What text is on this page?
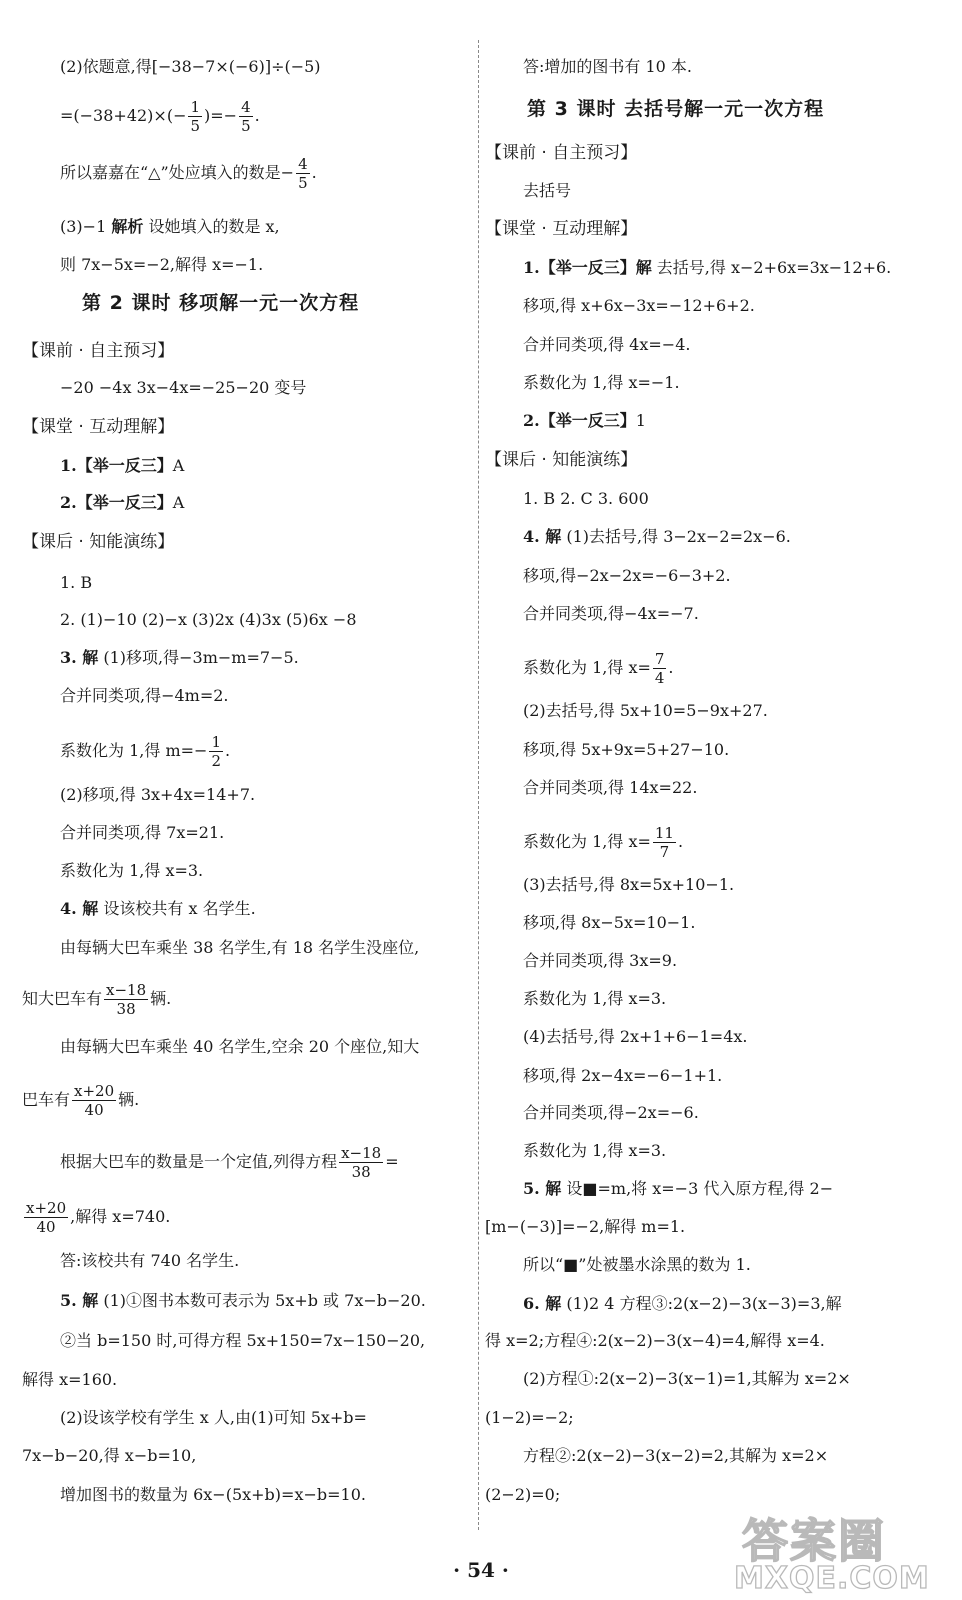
(2)依题意,得[−38−7×(−6)]÷(−5)
$=(-38+42)\times(- \frac{1}{5}$ )=− $\frac{4}{5}$ .
所以嘉嘉在“△”处应填入的数是− $\frac{4}{5}$ .
(3)−1 解析 设她填入的数是 x,
则 7x−5x=−2,解得 x=−1.
第 2 课时 移项解一元一次方程
【课前 · 自主预习】
−20 −4x 3x−4x=−25−20 变号
【课堂 · 互动理解】
1.【举一反三】A
2.【举一反三】A
【课后 · 知能演练】
1. B
2. (1)−10 (2)−x (3)2x (4)3x (5)6x −8
3. 解 (1)移项,得−3m−m=7−5.
合并同类项,得−4m=2.
系数化为 1,得 $m=- \frac{1}{2}$ .
(2)移项,得 3x+4x=14+7.
合并同类项,得 7x=21.
系数化为 1,得 x=3.
4. 解 设该校共有 x 名学生.
由每辆大巴车乘坐 38 名学生,有 18 名学生没座位,
知大巴车有 $\frac{x-18}{38}$ 辆.
由每辆大巴车乘坐 40 名学生,空余 20 个座位,知大
巴车有 $\frac{x+20}{40}$ 辆.
根据大巴车的数量是一个定值,列得方程 $\frac{x-18}{38}$ =
$\frac{x+20}{40}$ ,解得 x=740.
答:该校共有 740 名学生.
5. 解 (1)①图书本数可表示为 5x+b 或 7x−b−20.
②当 b=150 时,可得方程 5x+150=7x−150−20,
解得 x=160.
(2)设该学校有学生 x 人,由(1)可知 5x+b=
7x−b−20,得 x−b=10,
增加图书的数量为 6x−(5x+b)=x−b=10.
答:增加的图书有 10 本.
第 3 课时 去括号解一元一次方程
【课前 · 自主预习】
去括号
【课堂 · 互动理解】
1.【举一反三】解 去括号,得 x−2+6x=3x−12+6.
移项,得 x+6x−3x=−12+6+2.
合并同类项,得 4x=−4.
系数化为 1,得 x=−1.
2.【举一反三】1
【课后 · 知能演练】
1. B 2. C 3. 600
4. 解 (1)去括号,得 3−2x−2=2x−6.
移项,得−2x−2x=−6−3+2.
合并同类项,得−4x=−7.
系数化为 1,得 $x= \frac{7}{4}$ .
(2)去括号,得 5x+10=5−9x+27.
移项,得 5x+9x=5+27−10.
合并同类项,得 14x=22.
系数化为 1,得 $x= \frac{11}{7}$ .
(3)去括号,得 8x=5x+10−1.
移项,得 8x−5x=10−1.
合并同类项,得 3x=9.
系数化为 1,得 x=3.
(4)去括号,得 2x+1+6−1=4x.
移项,得 2x−4x=−6−1+1.
合并同类项,得−2x=−6.
系数化为 1,得 x=3.
5. 解 设■=m,将 x=−3 代入原方程,得 2−
[m−(−3)]=−2,解得 m=1.
所以“■”处被墨水涂黑的数为 1.
6. 解 (1)2 4 方程③:2(x−2)−3(x−3)=3,解
得 x=2;方程④:2(x−2)−3(x−4)=4,解得 x=4.
(2)方程①:2(x−2)−3(x−1)=1,其解为 x=2×
(1−2)=−2;
方程②:2(x−2)−3(x−2)=2,其解为 x=2×
(2−2)=0;
· 54 ·
答案圈
MXQE.COM
